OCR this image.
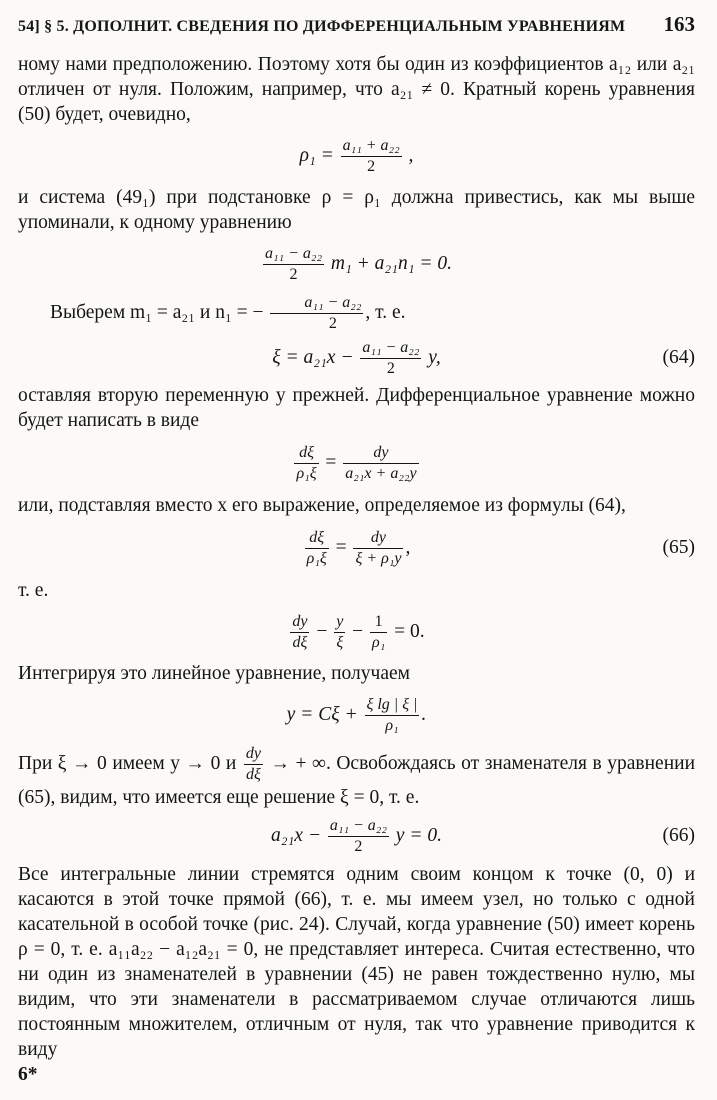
54] § 5. ДОПОЛНИТ. СВЕДЕНИЯ ПО ДИФФЕРЕНЦИАЛЬНЫМ УРАВНЕНИЯМ 163

ному нами предположению. Поэтому хотя бы один из коэффициентов a₁₂ или a₂₁ отличен от нуля. Положим, например, что a₂₁ ≠ 0. Кратный корень уравнения (50) будет, очевидно,

$\rho_1 = \frac{\text{a₁₁ + a₂₂}}{2}$ ,

и система (49₁) при подстановке ρ = ρ₁ должна привестись, как мы выше упоминали, к одному уравнению

$\frac{\text{a₁₁ − a₂₂}}{2} m_1 + a_{21}n_1 = 0$.
Выберем m₁ = a₂₁ и n₁ = − $\frac{\text{a₁₁ − a₂₂}}{2}$ , т. е.
$\xi = a_{21}x - \frac{\text{a₁₁ − a₂₂}}{2} y$,	(64)

оставляя вторую переменную y прежней. Дифференциальное уравнение можно будет написать в виде

$\frac{d\xi}{\text{ρ₁ξ}} = \frac{dy}{\text{a₂₁x + a₂₂y}}$

или, подставляя вместо x его выражение, определяемое из формулы (64),

$\frac{d\xi}{\text{ρ₁ξ}} = \frac{dy}{\text{ξ + ρ₁y}}$ ,	(65)

т. е.

$\frac{dy}{d\xi} - \frac{y}{\xi} - \frac{1}{\text{ρ₁}} = 0$.

Интегрируя это линейное уравнение, получаем

$y = C\xi + \frac{\text{ξ lg | ξ |}}{\text{ρ₁}}$ .
При ξ → 0 имеем y → 0 и $\frac{dy}{d\xi}$ → + ∞. Освобождаясь от знаменателя в уравнении (65), видим, что имеется еще решение ξ = 0, т. е.
$a_{21}x - \frac{\text{a₁₁ − a₂₂}}{2}$ y = 0.	(66)

Все интегральные линии стремятся одним своим концом к точке (0, 0) и касаются в этой точке прямой (66), т. е. мы имеем узел, но только с одной касательной в особой точке (рис. 24). Случай, когда уравнение (50) имеет корень ρ = 0, т. е. a₁₁a₂₂ − a₁₂a₂₁ = 0, не представляет интереса. Считая естественно, что ни один из знаменателей в уравнении (45) не равен тождественно нулю, мы видим, что эти знаменатели в рассматриваемом случае отличаются лишь постоянным множителем, отличным от нуля, так что уравнение приводится к виду

6*
